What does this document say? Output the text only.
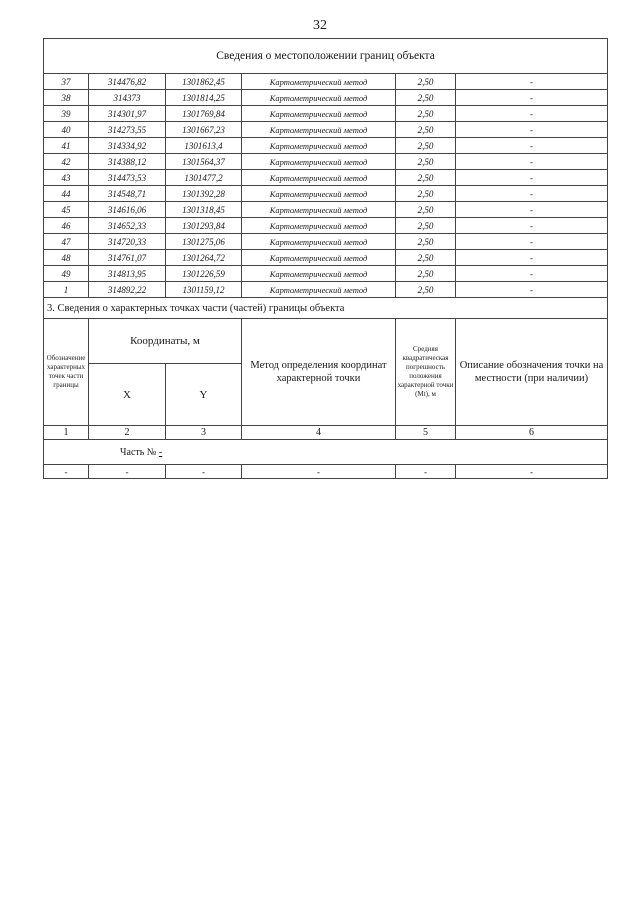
32
Сведения о местоположении границ объекта					
37	314476,82	1301862,45	Картометрический метод	2,50	-
38	314373	1301814,25	Картометрический метод	2,50	-
39	314301,97	1301769,84	Картометрический метод	2,50	-
40	314273,55	1301667,23	Картометрический метод	2,50	-
41	314334,92	1301613,4	Картометрический метод	2,50	-
42	314388,12	1301564,37	Картометрический метод	2,50	-
43	314473,53	1301477,2	Картометрический метод	2,50	-
44	314548,71	1301392,28	Картометрический метод	2,50	-
45	314616,06	1301318,45	Картометрический метод	2,50	-
46	314652,33	1301293,84	Картометрический метод	2,50	-
47	314720,33	1301275,06	Картометрический метод	2,50	-
48	314761,07	1301264,72	Картометрический метод	2,50	-
49	314813,95	1301226,59	Картометрический метод	2,50	-
1	314892,22	1301159,12	Картометрический метод	2,50	-
3. Сведения о характерных точках части (частей) границы объекта					
Обозначение характерных точек части границы	Координаты, м		Метод определения координат характерной точки	Средняя квадратическая погрешность положения характерной точки (Мt), м	Описание обозначения точки на местности (при наличии)
	X	Y			
1	2	3	4	5	6
Часть № -					
-	-	-	-	-	-
